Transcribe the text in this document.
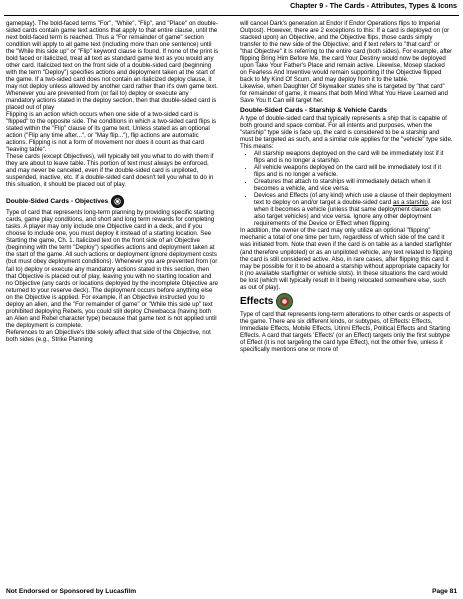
Chapter 9 - The Cards - Attributes, Types & Icons

gameplay). The bold-faced terms "For", "While", "Flip", and "Place" on double-sided cards contain game text actions that apply to that entire clause, until the next bold-faced term is reached. Thus a "For remainder of game" section condition will apply to all game text (including more than one sentence) until the "While this side up" or "Flip" keyword clause is found. If none of the print is bold faced or italicized, treat all text as standard game text as you would any other card. Italicized text on the front side of a double-sided card (beginning with the term "Deploy") specifies actions and deployment taken at the start of the game. If a two-sided card does not contain an italicized deploy clause, it may not deploy unless allowed by another card rather than it's own game text. Whenever you are prevented from (or fail to) deploy or execute any mandatory actions stated in the deploy section, then that double-sided card is placed out of play

Flipping is an action which occurs when one side of a two-sided card is "flipped" to the opposite side. The conditions in which a two-sided card flips is stated within the "Flip" clause of its game text. Unless stated as an optional action ("Flip any time after...", or "May flip..."), flip actions are automatic actions. Flipping is not a form of movement nor does it count as that card "leaving table".

These cards (except Objectives), will typically tell you what to do with them if they are about to leave table. This portion of text must always be enforced, and may never be canceled, even if the double-sided card is unpiloted, suspended, inactive, etc. If a double-sided card doesn't tell you what to do in this situation, it should be placed out of play.

Double-Sided Cards - Objectives

Type of card that represents long-term planning by providing specific starting cards, game play conditions, and short and long term rewards for completing tasks. A player may only include one Objective card in a deck, and if you choose to include one, you must deploy it instead of a starting location. See Starting the game, Ch. 1. Italicized text on the front side of an Objective (beginning with the term "Deploy") specifies actions and deployment taken at the start of the game. All such actions or deployment ignore deployment costs (but must obey deployment conditions). Whenever you are prevented from (or fail to) deploy or execute any mandatory actions stated in this section, then that Objective is placed out of play, leaving you with no starting location and no Objective (any cards or locations deployed by the incomplete Objective are returned to your reserve deck). The deployment occurs before anything else on the Objective is applied. For example, if an Objective instructed you to deploy an alien, and the "For remainder of game" or "While this side up" text prohibited deploying Rebels, you could still deploy Chewbacca (having both an Alien and Rebel character type) because that game text is not applied until the deployment is complete.

References to an Objective's title solely affect that side of the Objective, not both sides (e.g., Strike Planning

will cancel Dark's generation at Endor if Endor Operations flips to Imperial Outpost). However, there are 2 exceptions to this: If a card is deployed on (or stacked upon) an Objective, and the Objective flips, those cards simply transfer to the new side of the Objective; and if text refers to "that card" or "that Objective" it is referring to the entire card (both sides). For example, after flipping Bring Him Before Me, the card Your Destiny would now be deployed upon Take Your Father's Place and remain active. Likewise, Mosep stacked on Fearless And Inventive would remain supporting if the Objective flipped back to My Kind Of Scum, and may deploy from it to the table.

Likewise, when Daughter Of Skywalker states she is targeted by "that card" for remainder of game, it means that both Mind What You Have Learned and Save You It Can will target her.

Double-Sided Cards - Starship & Vehicle Cards

A type of double-sided card that typically represents a ship that is capable of both ground and space combat. For all intents and purposes, when the "starship" type side is face up, the card is considered to be a starship and must be targeted as such, and a similar rule applies for the "vehicle" type side.

This means:

• All starship weapons deployed on the card will be immediately lost if it flips and is no longer a starship.
• All vehicle weapons deployed on the card will be immediately lost if it flips and is no longer a vehicle.
• Creatures that attach to starships will immediately detach when it becomes a vehicle, and vice versa.
• Devices and Effects (of any kind) which use a clause of their deployment text to deploy on and/or target a double-sided card as a starship, are lost when it becomes a vehicle (unless that same deployment clause can also target vehicles) and vice versa. Ignore any other deployment requirements of the Device or Effect when flipping.

In addition, the owner of the card may only utilize an optional "flipping" mechanic a total of one time per turn, regardless of which side of the card it was initiated from. Note that even if the card is on table as a landed starfighter (and therefore unpiloted) or as an unpiloted vehicle, any text related to flipping the card is still considered active. Also, in rare cases, after flipping this card it may be possible for it to be aboard a starship without appropriate capacity for it (no available starfighter or vehicle slots). In these situations the card would be lost (which will typically result in it being relocated somewhere else, such as out of play).

Effects

Type of card that represents long-term alterations to other cards or aspects of the game. There are six different kinds, or subtypes, of Effects: Effects, Immediate Effects, Mobile Effects, Utinni Effects, Political Effects and Starting Effects. A card that targets 'Effects' (or an Effect) targets only the first subtype of Effect (it is not targeting the card type Effect), not the other five, unless it specifically mentions one or more of

Not Endorsed or Sponsored by Lucasfilm	Page 81
